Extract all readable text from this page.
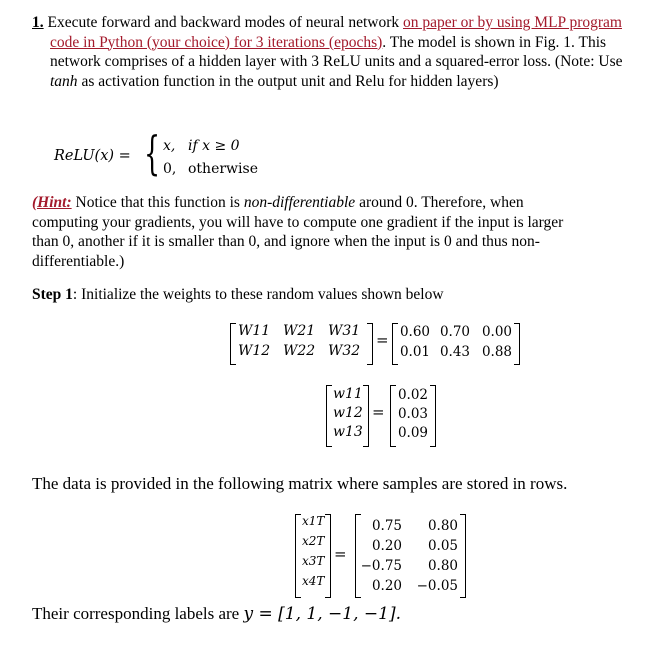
1. Execute forward and backward modes of neural network on paper or by using MLP program
code in Python (your choice) for 3 iterations (epochs). The model is shown in Fig. 1. This
network comprises of a hidden layer with 3 ReLU units and a squared-error loss. (Note: Use
tanh as activation function in the output unit and Relu for hidden layers)
ReLU(x) = { x, if x ≥ 0
0, otherwise
(Hint: Notice that this function is non-differentiable around 0. Therefore, when
computing your gradients, you will have to compute one gradient if the input is larger
than 0, another if it is smaller than 0, and ignore when the input is 0 and thus non-
differentiable.)
Step 1: Initialize the weights to these random values shown below
W11 W21 W31
W12 W22 W32
= 0.60 0.70 0.00
0.01 0.43 0.88
w11
w12
w13
=
0.02
0.03
0.09
The data is provided in the following matrix where samples are stored in rows.
x1T
x2T
x3T
x4T
=
0.75	0.80
0.20	0.05
−0.75	0.80
0.20	−0.05
Their corresponding labels are y = [1, 1, −1, −1].
